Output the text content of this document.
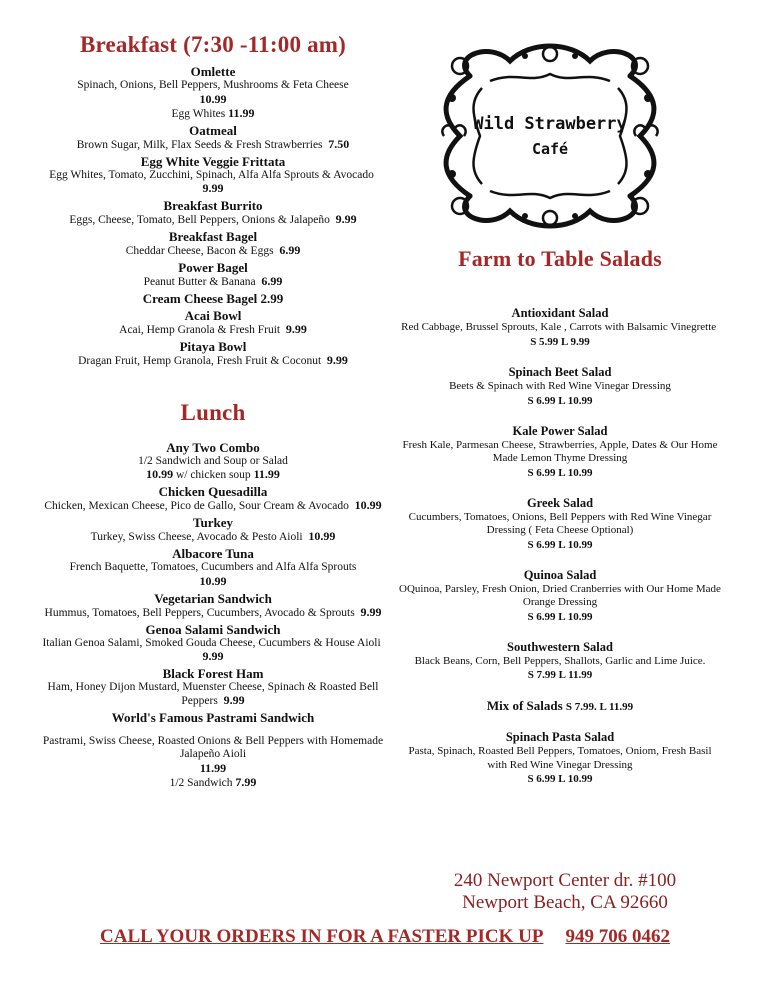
Breakfast (7:30 -11:00 am)
Omlette
Spinach, Onions, Bell Peppers, Mushrooms & Feta Cheese
10.99
Egg Whites 11.99
Oatmeal
Brown Sugar, Milk, Flax Seeds & Fresh Strawberries 7.50
Egg White Veggie Frittata
Egg Whites, Tomato, Zucchini, Spinach, Alfa Alfa Sprouts & Avocado  9.99
Breakfast Burrito
Eggs, Cheese, Tomato, Bell Peppers, Onions & Jalapeño 9.99
Breakfast Bagel
Cheddar Cheese, Bacon & Eggs 6.99
Power Bagel
Peanut Butter & Banana 6.99
Cream Cheese Bagel 2.99
Acai Bowl
Acai, Hemp Granola & Fresh Fruit 9.99
Pitaya Bowl
Dragan Fruit, Hemp Granola, Fresh Fruit & Coconut 9.99
Lunch
Any Two Combo
1/2 Sandwich and Soup or Salad
10.99 w/ chicken soup 11.99
Chicken Quesadilla
Chicken, Mexican Cheese, Pico de Gallo, Sour Cream & Avocado 10.99
Turkey
Turkey, Swiss Cheese, Avocado & Pesto Aioli 10.99
Albacore Tuna
French Baquette, Tomatoes, Cucumbers and Alfa Alfa Sprouts
10.99
Vegetarian Sandwich
Hummus, Tomatoes, Bell Peppers, Cucumbers, Avocado & Sprouts 9.99
Genoa Salami Sandwich
Italian Genoa Salami, Smoked Gouda Cheese, Cucumbers & House Aioli  9.99
Black Forest Ham
Ham, Honey Dijon Mustard, Muenster Cheese, Spinach & Roasted Bell Peppers 9.99
World's Famous Pastrami Sandwich
Pastrami, Swiss Cheese, Roasted Onions & Bell Peppers with Homemade Jalapeño Aioli
11.99
1/2 Sandwich 7.99
Wild Strawberry
Café
Farm to Table Salads
Antioxidant Salad
Red Cabbage, Brussel Sprouts, Kale , Carrots with Balsamic Vinegrette  S 5.99 L 9.99
Spinach Beet Salad
Beets & Spinach with Red Wine Vinegar Dressing
S 6.99 L 10.99
Kale Power Salad
Fresh Kale, Parmesan Cheese, Strawberries, Apple, Dates & Our Home Made Lemon Thyme Dressing
S 6.99 L 10.99
Greek Salad
Cucumbers, Tomatoes, Onions, Bell Peppers with Red Wine Vinegar Dressing ( Feta Cheese Optional)
S 6.99 L 10.99
Quinoa Salad
OQuinoa, Parsley, Fresh Onion, Dried Cranberries with Our Home Made Orange Dressing
S 6.99 L 10.99
Southwestern Salad
Black Beans, Corn, Bell Peppers, Shallots, Garlic and Lime Juice.
S 7.99 L 11.99
Mix of Salads S 7.99. L 11.99
Spinach Pasta Salad
Pasta, Spinach, Roasted Bell Peppers, Tomatoes, Oniom, Fresh Basil with Red Wine Vinegar Dressing
S 6.99 L 10.99
240 Newport Center dr. #100
Newport Beach, CA 92660
CALL YOUR ORDERS IN FOR A FASTER PICK UP 949 706 0462
